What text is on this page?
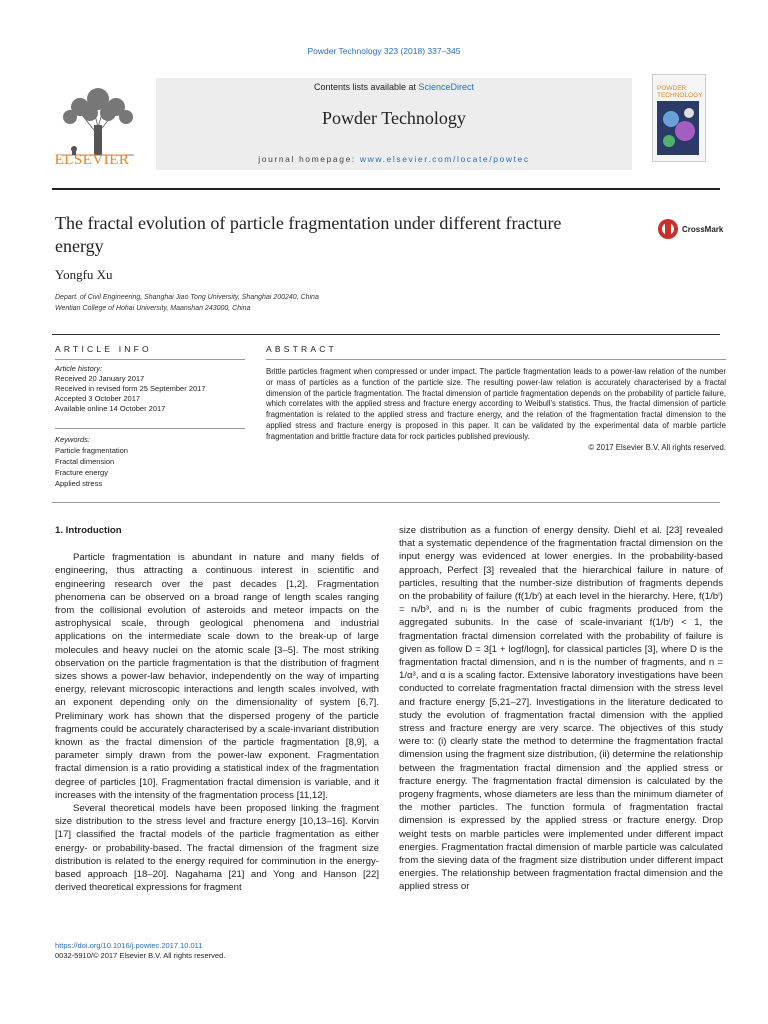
Powder Technology 323 (2018) 337–345
ELSEVIER
Contents lists available at ScienceDirect
Powder Technology
journal homepage: www.elsevier.com/locate/powtec
POWDER TECHNOLOGY
The fractal evolution of particle fragmentation under different fracture energy
CrossMark
Yongfu Xu
Depart. of Civil Engineering, Shanghai Jiao Tong University, Shanghai 200240, China
Wentian College of Hohai University, Maanshan 243000, China
ARTICLE INFO	ABSTRACT
Article history:
Received 20 January 2017
Received in revised form 25 September 2017
Accepted 3 October 2017
Available online 14 October 2017
Keywords:
Particle fragmentation
Fractal dimension
Fracture energy
Applied stress
Brittle particles fragment when compressed or under impact. The particle fragmentation leads to a power-law relation of the number or mass of particles as a function of the particle size. The resulting power-law relation is accurately characterised by a fractal dimension of the particle fragmentation. The fractal dimension of particle fragmentation depends on the probability of particle failure, which correlates with the applied stress and fracture energy according to Weibull's statistics. Thus, the fractal dimension of particle fragmentation is related to the applied stress and fracture energy, and the relation of the fragmentation fractal dimension to the applied stress and fracture energy is proposed in this paper. It can be validated by the experimental data of marble particle fragmentation and brittle fracture data for rock particles published previously.
© 2017 Elsevier B.V. All rights reserved.
1. Introduction

Particle fragmentation is abundant in nature and many fields of engineering, thus attracting a continuous interest in scientific and engineering research over the past decades [1,2]. Fragmentation phenomena can be observed on a broad range of length scales ranging from the collisional evolution of asteroids and meteor impacts on the astrophysical scale, through geological phenomena and industrial applications on the intermediate scale down to the break-up of large molecules and heavy nuclei on the atomic scale [3–5]. The most striking observation on the particle fragmentation is that the distribution of fragment sizes shows a power-law behavior, independently on the way of imparting energy, relevant microscopic interactions and length scales involved, with an exponent depending only on the dimensionality of system [6,7]. Preliminary work has shown that the dispersed progeny of the particle fragments could be accurately characterised by a scale-invariant distribution known as the fractal dimension of the particle fragmentation [8,9], a parameter simply drawn from the power-law exponent. Fragmentation fractal dimension is a ratio providing a statistical index of the fragmentation degree of particles [10]. Fragmentation fractal dimension is variable, and it increases with the intensity of the fragmentation process [11,12].

Several theoretical models have been proposed linking the fragment size distribution to the stress level and fracture energy [10,13–16]. Korvin [17] classified the fractal models of the particle fragmentation as either energy- or probability-based. The fractal dimension of the fragment size distribution is related to the energy required for comminution in the energy-based approach [18–20]. Nagahama [21] and Yong and Hanson [22] derived theoretical expressions for fragment

size distribution as a function of energy density. Diehl et al. [23] revealed that a systematic dependence of the fragmentation fractal dimension on the input energy was evidenced at lower energies. In the probability-based approach, Perfect [3] revealed that the hierarchical failure in nature of particles, resulting that the number-size distribution of fragments depends on the probability of failure (f(1/bⁱ) at each level in the hierarchy. Here, f(1/bⁱ) = nᵢ/b³, and nᵢ is the number of cubic fragments produced from the aggregated subunits. In the case of scale-invariant f(1/bⁱ) < 1, the fragmentation fractal dimension correlated with the probability of failure is given as follow D = 3[1 + logf/logn], for classical particles [3], where D is the fragmentation fractal dimension, and n is the number of fragments, and n = 1/α³, and α is a scaling factor. Extensive laboratory investigations have been conducted to correlate fragmentation fractal dimension with the stress level and fracture energy [5,21–27]. Investigations in the literature dedicated to study the evolution of fragmentation fractal dimension with the applied stress and fracture energy are very scarce. The objectives of this study were to: (i) clearly state the method to determine the fragmentation fractal dimension using the fragment size distribution, (ii) determine the relationship between the fragmentation fractal dimension and the applied stress or fracture energy. The fragmentation fractal dimension is calculated by the progeny fragments, whose diameters are less than the minimum diameter of the mother particles. The function formula of fragmentation fractal dimension is expressed by the applied stress or fracture energy. Drop weight tests on marble particles were implemented under different impact energies. Fragmentation fractal dimension of marble particle was calculated from the sieving data of the fragment size distribution under different impact energies. The relationship between fragmentation fractal dimension and the applied stress or

https://doi.org/10.1016/j.powtec.2017.10.011
0032-5910/© 2017 Elsevier B.V. All rights reserved.
